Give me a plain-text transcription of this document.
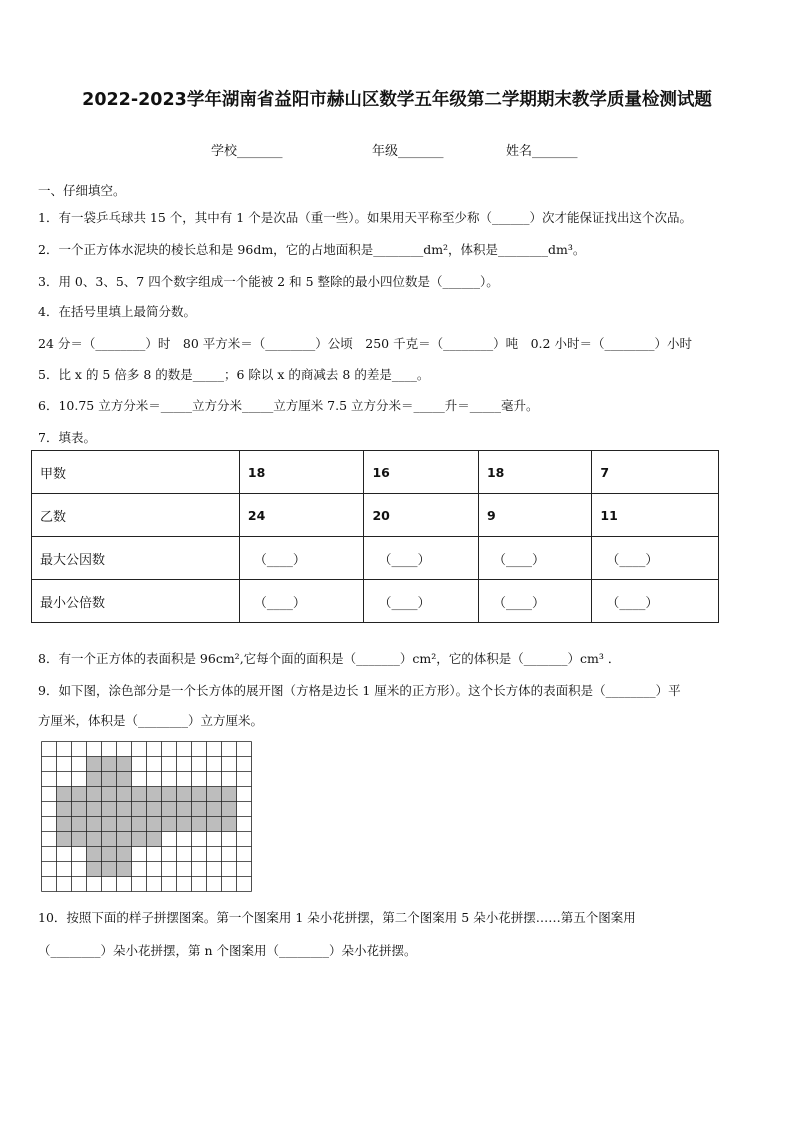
2022-2023学年湖南省益阳市赫山区数学五年级第二学期期末教学质量检测试题
学校_______	年级_______	姓名_______
一、仔细填空。
1．有一袋乒乓球共 15 个，其中有 1 个是次品（重一些）。如果用天平称至少称（______）次才能保证找出这个次品。
2．一个正方体水泥块的棱长总和是 96dm，它的占地面积是________dm²，体积是________dm³。
3．用 0、3、5、7 四个数字组成一个能被 2 和 5 整除的最小四位数是（______）。
4．在括号里填上最简分数。
24 分＝（________）时　80 平方米＝（________）公顷　250 千克＝（________）吨　0.2 小时＝（________）小时
5．比 x 的 5 倍多 8 的数是_____；6 除以 x 的商减去 8 的差是____。
6．10.75 立方分米＝_____立方分米_____立方厘米 7.5 立方分米＝_____升＝_____毫升。
7．填表。
甲数	18	16	18	7
乙数	24	20	9	11
最大公因数	（____）	（____）	（____）	（____）
最小公倍数	（____）	（____）	（____）	（____）
8．有一个正方体的表面积是 96cm²,它每个面的面积是（_______）cm²，它的体积是（_______）cm³ ．
9．如下图，涂色部分是一个长方体的展开图（方格是边长 1 厘米的正方形）。这个长方体的表面积是（________）平
方厘米，体积是（________）立方厘米。
10．按照下面的样子拼摆图案。第一个图案用 1 朵小花拼摆，第二个图案用 5 朵小花拼摆……第五个图案用
（________）朵小花拼摆，第 n 个图案用（________）朵小花拼摆。
